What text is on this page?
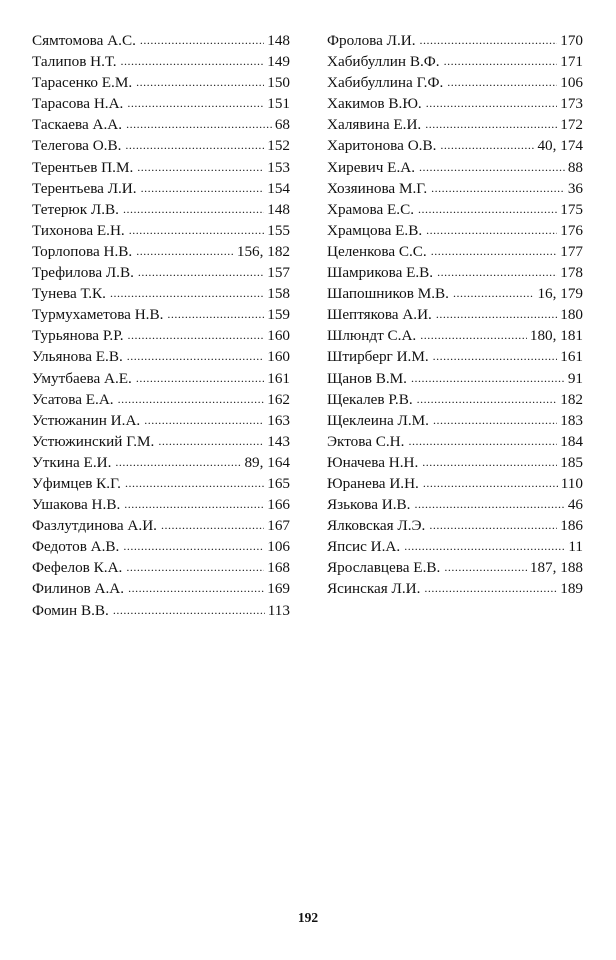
Сямтомова А.С. .....	148
Талипов Н.Т. .....	149
Тарасенко Е.М. .....	150
Тарасова Н.А. .....	151
Таскаева А.А. .....	68
Телегова О.В. .....	152
Терентьев П.М. .....	153
Терентьева Л.И. .....	154
Тетерюк Л.В. .....	148
Тихонова Е.Н. .....	155
Торлопова Н.В. .....	156, 182
Трефилова Л.В. .....	157
Тунева Т.К. .....	158
Турмухаметова Н.В. .....	159
Турьянова Р.Р. .....	160
Ульянова Е.В. .....	160
Умутбаева А.Е. .....	161
Усатова Е.А. .....	162
Устюжанин И.А. .....	163
Устюжинский Г.М. .....	143
Уткина Е.И. .....	89, 164
Уфимцев К.Г. .....	165
Ушакова Н.В. .....	166
Фазлутдинова А.И. .....	167
Федотов А.В. .....	106
Фефелов К.А. .....	168
Филинов А.А. .....	169
Фомин В.В. .....	113
Фролова Л.И. .....	170
Хабибуллин В.Ф. .....	171
Хабибуллина Г.Ф. .....	106
Хакимов В.Ю. .....	173
Халявина Е.И. .....	172
Харитонова О.В. .....	40, 174
Хиревич Е.А. .....	88
Хозяинова М.Г. .....	36
Храмова Е.С. .....	175
Храмцова Е.В. .....	176
Целенкова С.С. .....	177
Шамрикова Е.В. .....	178
Шапошников М.В. .....	16, 179
Шептякова А.И. .....	180
Шлюндт С.А. .....	180, 181
Штирберг И.М. .....	161
Щанов В.М. .....	91
Щекалев Р.В. .....	182
Щеклеина Л.М. .....	183
Эктова С.Н. .....	184
Юначева Н.Н. .....	185
Юранева И.Н. .....	110
Язькова И.В. .....	46
Ялковская Л.Э. .....	186
Япсис И.А. .....	11
Ярославцева Е.В. .....	187, 188
Ясинская Л.И. .....	189
192
